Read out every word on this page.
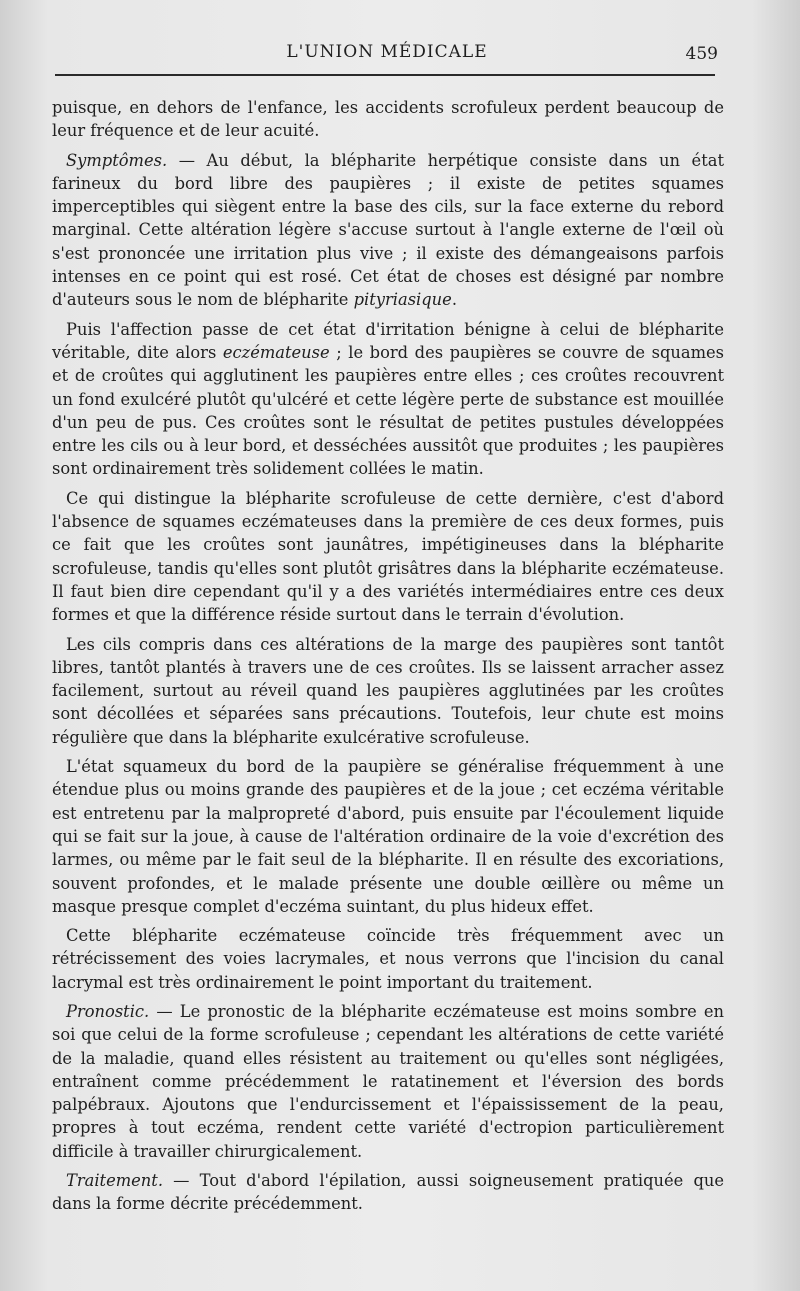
L'UNION MÉDICALE	459

puisque, en dehors de l'enfance, les accidents scrofuleux perdent beaucoup de leur fréquence et de leur acuité.

Symptômes. — Au début, la blépharite herpétique consiste dans un état farineux du bord libre des paupières ; il existe de petites squames imperceptibles qui siègent entre la base des cils, sur la face externe du rebord marginal. Cette altération légère s'accuse surtout à l'angle externe de l'œil où s'est prononcée une irritation plus vive ; il existe des démangeaisons parfois intenses en ce point qui est rosé. Cet état de choses est désigné par nombre d'auteurs sous le nom de blépharite pityriasique.

Puis l'affection passe de cet état d'irritation bénigne à celui de blépharite véritable, dite alors eczémateuse ; le bord des paupières se couvre de squames et de croûtes qui agglutinent les paupières entre elles ; ces croûtes recouvrent un fond exulcéré plutôt qu'ulcéré et cette légère perte de substance est mouillée d'un peu de pus. Ces croûtes sont le résultat de petites pustules développées entre les cils ou à leur bord, et desséchées aussitôt que produites ; les paupières sont ordinairement très solidement collées le matin.

Ce qui distingue la blépharite scrofuleuse de cette dernière, c'est d'abord l'absence de squames eczémateuses dans la première de ces deux formes, puis ce fait que les croûtes sont jaunâtres, impétigineuses dans la blépharite scrofuleuse, tandis qu'elles sont plutôt grisâtres dans la blépharite eczémateuse. Il faut bien dire cependant qu'il y a des variétés intermédiaires entre ces deux formes et que la différence réside surtout dans le terrain d'évolution.

Les cils compris dans ces altérations de la marge des paupières sont tantôt libres, tantôt plantés à travers une de ces croûtes. Ils se laissent arracher assez facilement, surtout au réveil quand les paupières agglutinées par les croûtes sont décollées et séparées sans précautions. Toutefois, leur chute est moins régulière que dans la blépharite exulcérative scrofuleuse.

L'état squameux du bord de la paupière se généralise fréquemment à une étendue plus ou moins grande des paupières et de la joue ; cet eczéma véritable est entretenu par la malpropreté d'abord, puis ensuite par l'écoulement liquide qui se fait sur la joue, à cause de l'altération ordinaire de la voie d'excrétion des larmes, ou même par le fait seul de la blépharite. Il en résulte des excoriations, souvent profondes, et le malade présente une double œillère ou même un masque presque complet d'eczéma suintant, du plus hideux effet.

Cette blépharite eczémateuse coïncide très fréquemment avec un rétrécissement des voies lacrymales, et nous verrons que l'incision du canal lacrymal est très ordinairement le point important du traitement.

Pronostic. — Le pronostic de la blépharite eczémateuse est moins sombre en soi que celui de la forme scrofuleuse ; cependant les altérations de cette variété de la maladie, quand elles résistent au traitement ou qu'elles sont négligées, entraînent comme précédemment le ratatinement et l'éversion des bords palpébraux. Ajoutons que l'endurcissement et l'épaississement de la peau, propres à tout eczéma, rendent cette variété d'ectropion particulièrement difficile à travailler chirurgicalement.

Traitement. — Tout d'abord l'épilation, aussi soigneusement pratiquée que dans la forme décrite précédemment.
